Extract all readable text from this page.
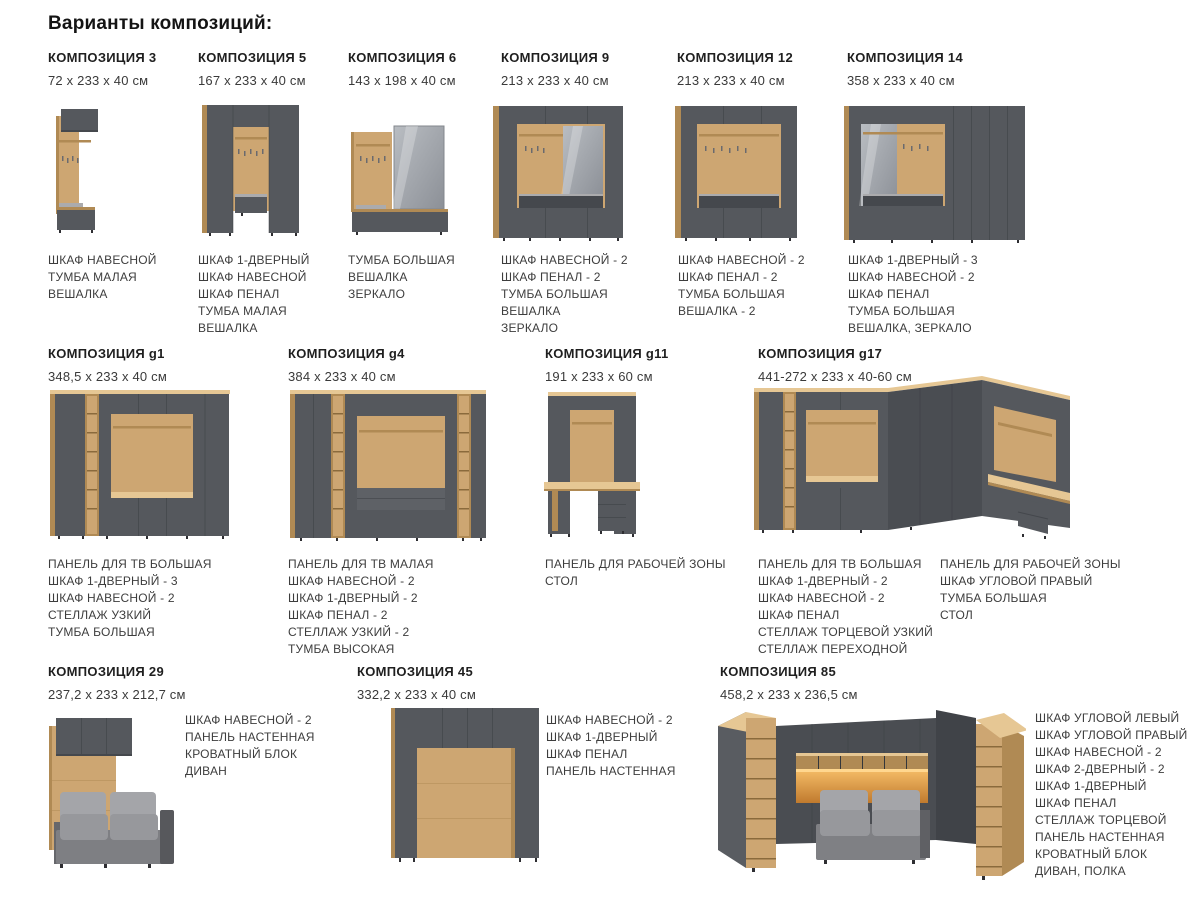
Варианты композиций:
КОМПОЗИЦИЯ 3
72 x 233 x 40 см
КОМПОЗИЦИЯ 5
167 x 233 x 40 см
КОМПОЗИЦИЯ 6
143 x 198 x 40 см
КОМПОЗИЦИЯ 9
213 x 233 x 40 см
КОМПОЗИЦИЯ 12
213 x 233 x 40 см
КОМПОЗИЦИЯ 14
358 x 233 x 40 см
ШКАФ НАВЕСНОЙ
ТУМБА МАЛАЯ
ВЕШАЛКА
ШКАФ 1-ДВЕРНЫЙ
ШКАФ НАВЕСНОЙ
ШКАФ ПЕНАЛ
ТУМБА МАЛАЯ
ВЕШАЛКА
ТУМБА БОЛЬШАЯ
ВЕШАЛКА
ЗЕРКАЛО
ШКАФ НАВЕСНОЙ - 2
ШКАФ ПЕНАЛ - 2
ТУМБА БОЛЬШАЯ
ВЕШАЛКА
ЗЕРКАЛО
ШКАФ НАВЕСНОЙ - 2
ШКАФ ПЕНАЛ - 2
ТУМБА БОЛЬШАЯ
ВЕШАЛКА - 2
ШКАФ 1-ДВЕРНЫЙ - 3
ШКАФ НАВЕСНОЙ - 2
ШКАФ ПЕНАЛ
ТУМБА БОЛЬШАЯ
ВЕШАЛКА, ЗЕРКАЛО
КОМПОЗИЦИЯ g1
348,5 x 233 x 40 см
КОМПОЗИЦИЯ g4
384 x 233 x 40 см
КОМПОЗИЦИЯ g11
191 x 233 x 60 см
КОМПОЗИЦИЯ g17
441-272 x 233 x 40-60 см
ПАНЕЛЬ ДЛЯ ТВ БОЛЬШАЯ
ШКАФ 1-ДВЕРНЫЙ - 3
ШКАФ НАВЕСНОЙ - 2
СТЕЛЛАЖ УЗКИЙ
ТУМБА БОЛЬШАЯ
ПАНЕЛЬ ДЛЯ ТВ МАЛАЯ
ШКАФ НАВЕСНОЙ - 2
ШКАФ 1-ДВЕРНЫЙ - 2
ШКАФ ПЕНАЛ - 2
СТЕЛЛАЖ УЗКИЙ - 2
ТУМБА ВЫСОКАЯ
ПАНЕЛЬ ДЛЯ РАБОЧЕЙ ЗОНЫ
СТОЛ
ПАНЕЛЬ ДЛЯ ТВ БОЛЬШАЯ
ШКАФ 1-ДВЕРНЫЙ - 2
ШКАФ НАВЕСНОЙ - 2
ШКАФ ПЕНАЛ
СТЕЛЛАЖ ТОРЦЕВОЙ УЗКИЙ
СТЕЛЛАЖ ПЕРЕХОДНОЙ
ПАНЕЛЬ ДЛЯ РАБОЧЕЙ ЗОНЫ
ШКАФ УГЛОВОЙ ПРАВЫЙ
ТУМБА БОЛЬШАЯ
СТОЛ
КОМПОЗИЦИЯ 29
237,2 x 233 x 212,7 см
КОМПОЗИЦИЯ 45
332,2 x 233 x 40 см
КОМПОЗИЦИЯ 85
458,2 x 233 x 236,5 см
ШКАФ НАВЕСНОЙ - 2
ПАНЕЛЬ НАСТЕННАЯ
КРОВАТНЫЙ БЛОК
ДИВАН
ШКАФ НАВЕСНОЙ - 2
ШКАФ 1-ДВЕРНЫЙ
ШКАФ ПЕНАЛ
ПАНЕЛЬ НАСТЕННАЯ
ШКАФ УГЛОВОЙ ЛЕВЫЙ
ШКАФ УГЛОВОЙ ПРАВЫЙ
ШКАФ НАВЕСНОЙ - 2
ШКАФ 2-ДВЕРНЫЙ - 2
ШКАФ 1-ДВЕРНЫЙ
ШКАФ ПЕНАЛ
СТЕЛЛАЖ ТОРЦЕВОЙ
ПАНЕЛЬ НАСТЕННАЯ
КРОВАТНЫЙ БЛОК
ДИВАН, ПОЛКА
